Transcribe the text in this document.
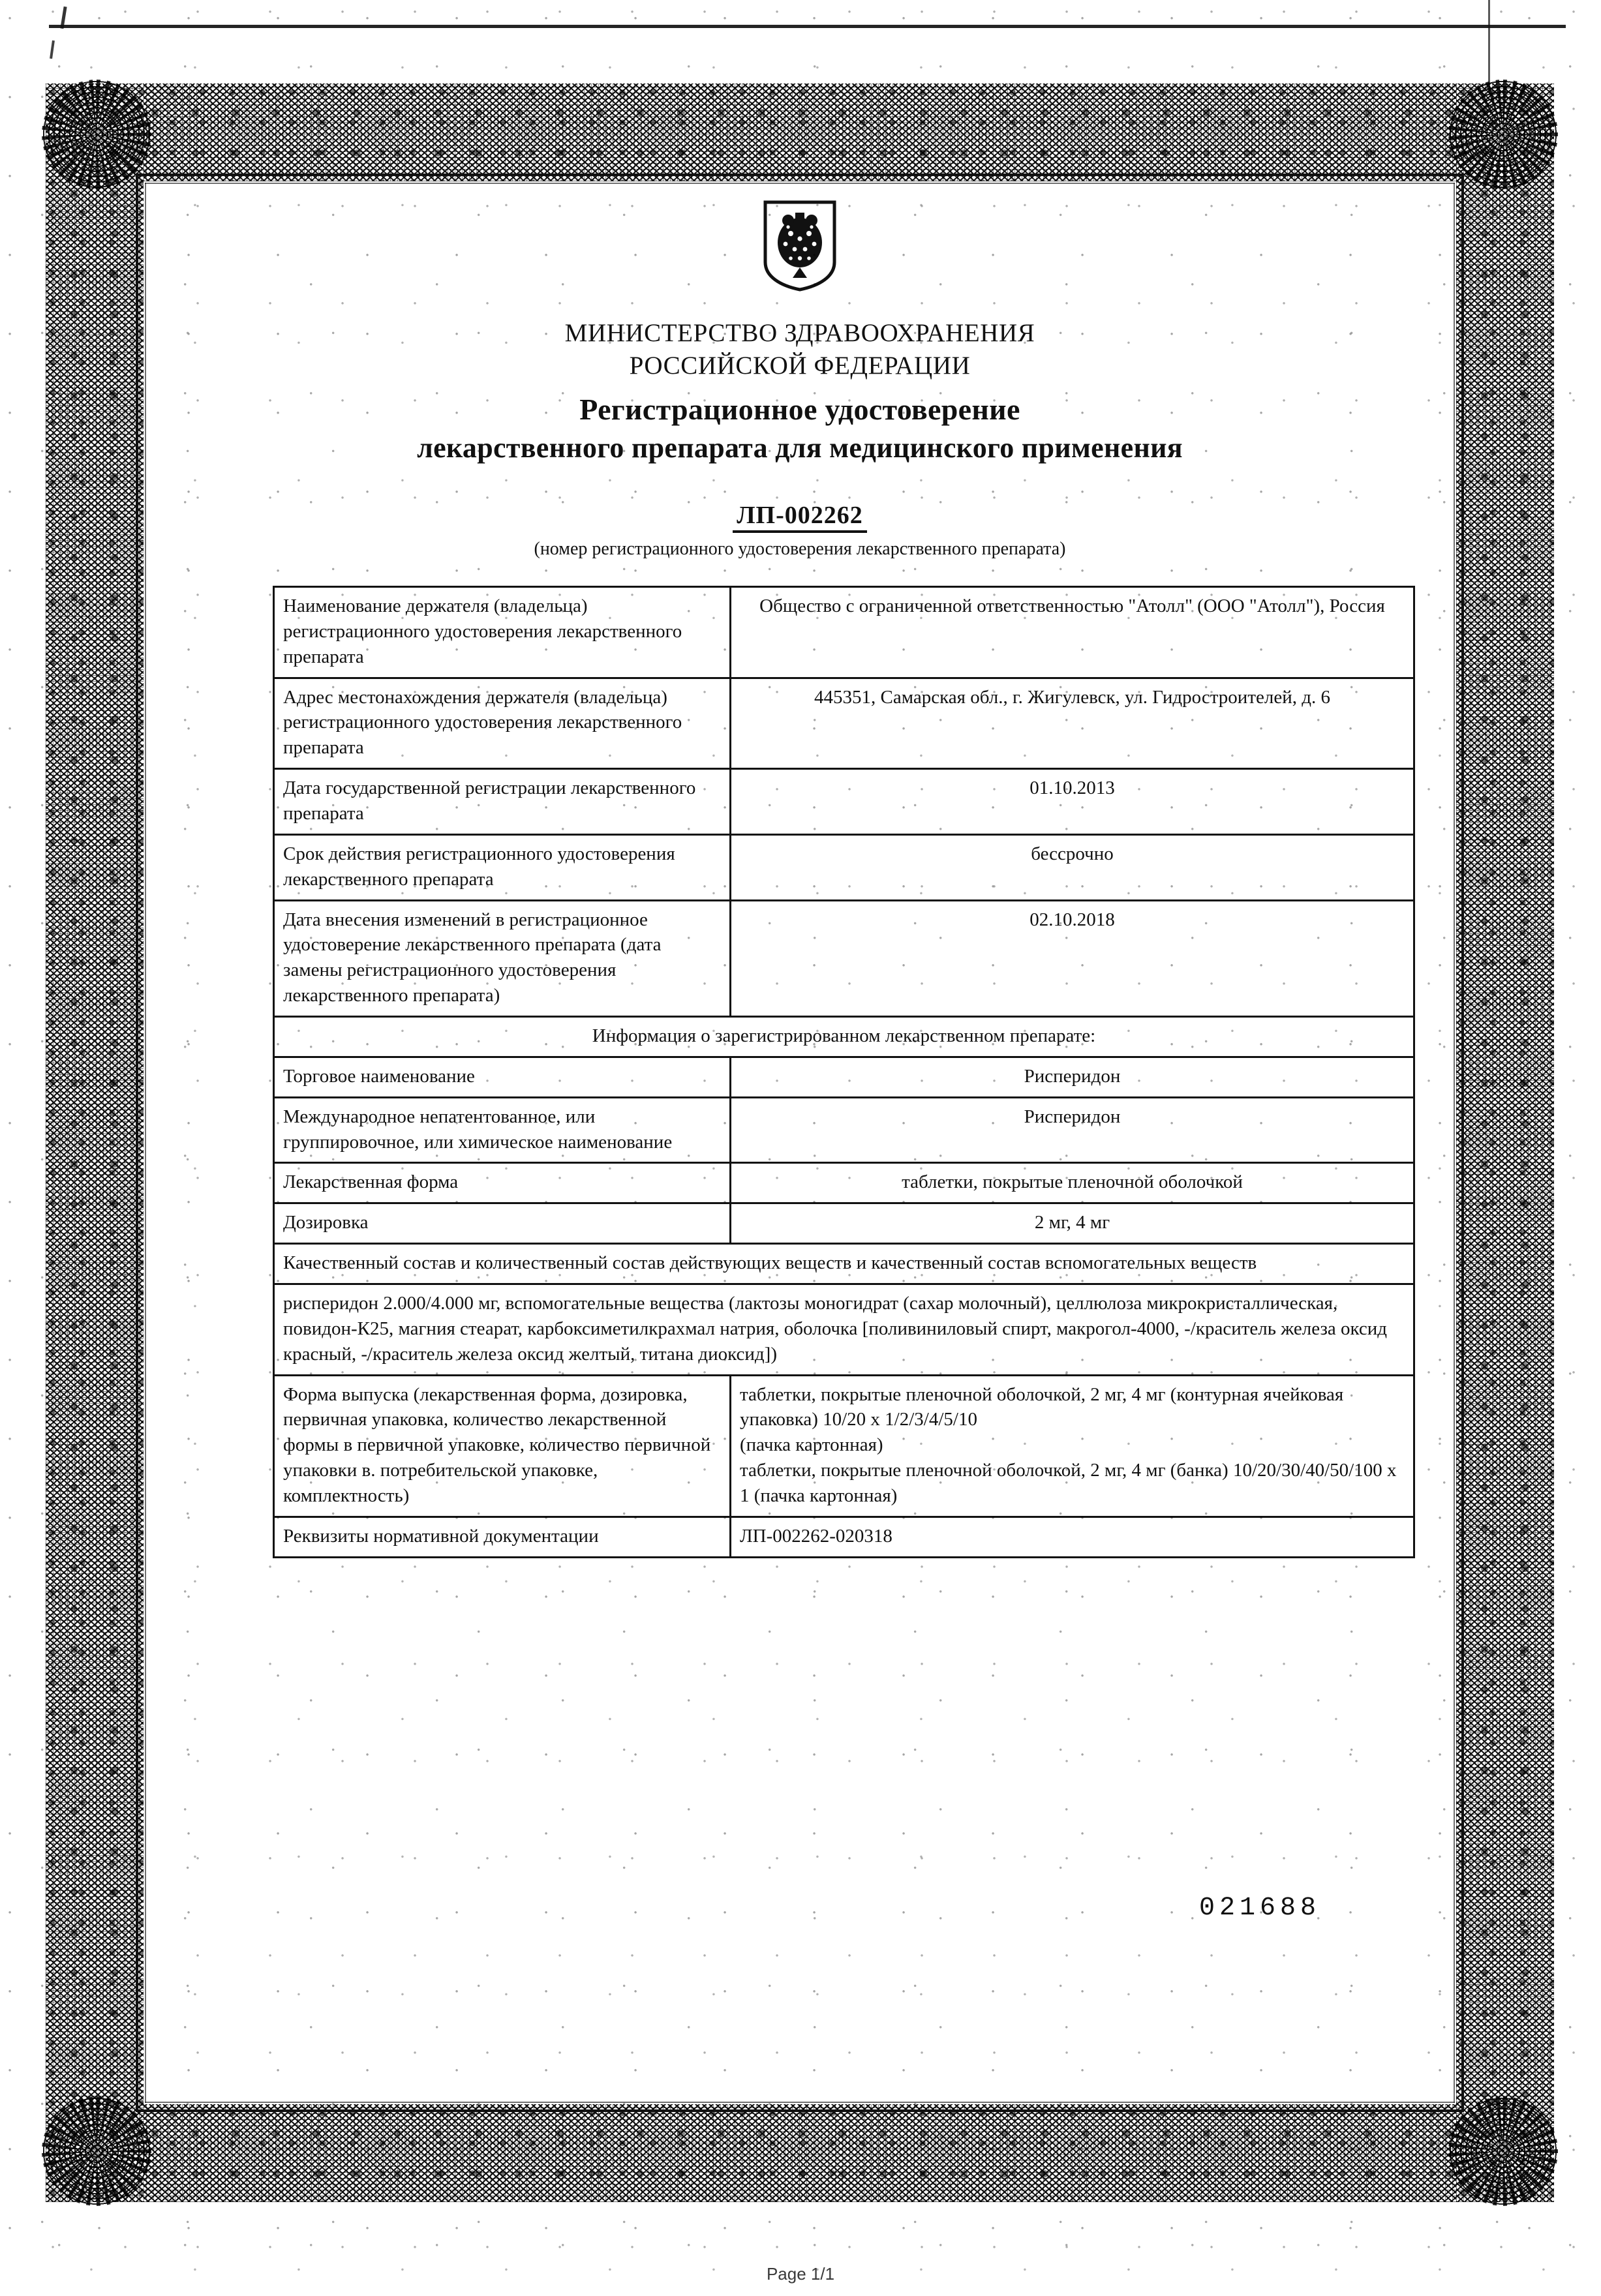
МИНИСТЕРСТВО ЗДРАВООХРАНЕНИЯ
РОССИЙСКОЙ ФЕДЕРАЦИИ
Регистрационное удостоверение
лекарственного препарата для медицинского применения
ЛП-002262
(номер регистрационного удостоверения лекарственного препарата)
Наименование держателя (владельца) регистрационного удостоверения лекарственного препарата	Общество с ограниченной ответственностью "Атолл" (ООО "Атолл"), Россия
Адрес местонахождения держателя (владельца) регистрационного удостоверения лекарственного препарата	445351, Самарская обл., г. Жигулевск, ул. Гидростроителей, д. 6
Дата государственной регистрации лекарственного препарата	01.10.2013
Срок действия регистрационного удостоверения лекарственного препарата	бессрочно
Дата внесения изменений в регистрационное удостоверение лекарственного препарата (дата замены регистрационного удостоверения лекарственного препарата)	02.10.2018
Информация о зарегистрированном лекарственном препарате:	
Торговое наименование	Рисперидон
Международное непатентованное, или группировочное, или химическое наименование	Рисперидон
Лекарственная форма	таблетки, покрытые пленочной оболочкой
Дозировка	2 мг, 4 мг
Качественный состав и количественный состав действующих веществ и качественный состав вспомогательных веществ	
рисперидон 2.000/4.000 мг, вспомогательные вещества (лактозы моногидрат (сахар молочный), целлюлоза микрокристаллическая, повидон-К25, магния стеарат, карбоксиметилкрахмал натрия, оболочка [поливиниловый спирт, макрогол-4000, -/краситель железа оксид красный, -/краситель железа оксид желтый, титана диоксид])	
Форма выпуска (лекарственная форма, дозировка, первичная упаковка, количество лекарственной формы в первичной упаковке, количество первичной упаковки в. потребительской упаковке, комплектность)	таблетки, покрытые пленочной оболочкой, 2 мг, 4 мг (контурная ячейковая упаковка) 10/20 х 1/2/3/4/5/10
(пачка картонная)
таблетки, покрытые пленочной оболочкой, 2 мг, 4 мг (банка) 10/20/30/40/50/100 х 1 (пачка картонная)

Реквизиты нормативной документации	ЛП-002262-020318
021688
Page 1/1
